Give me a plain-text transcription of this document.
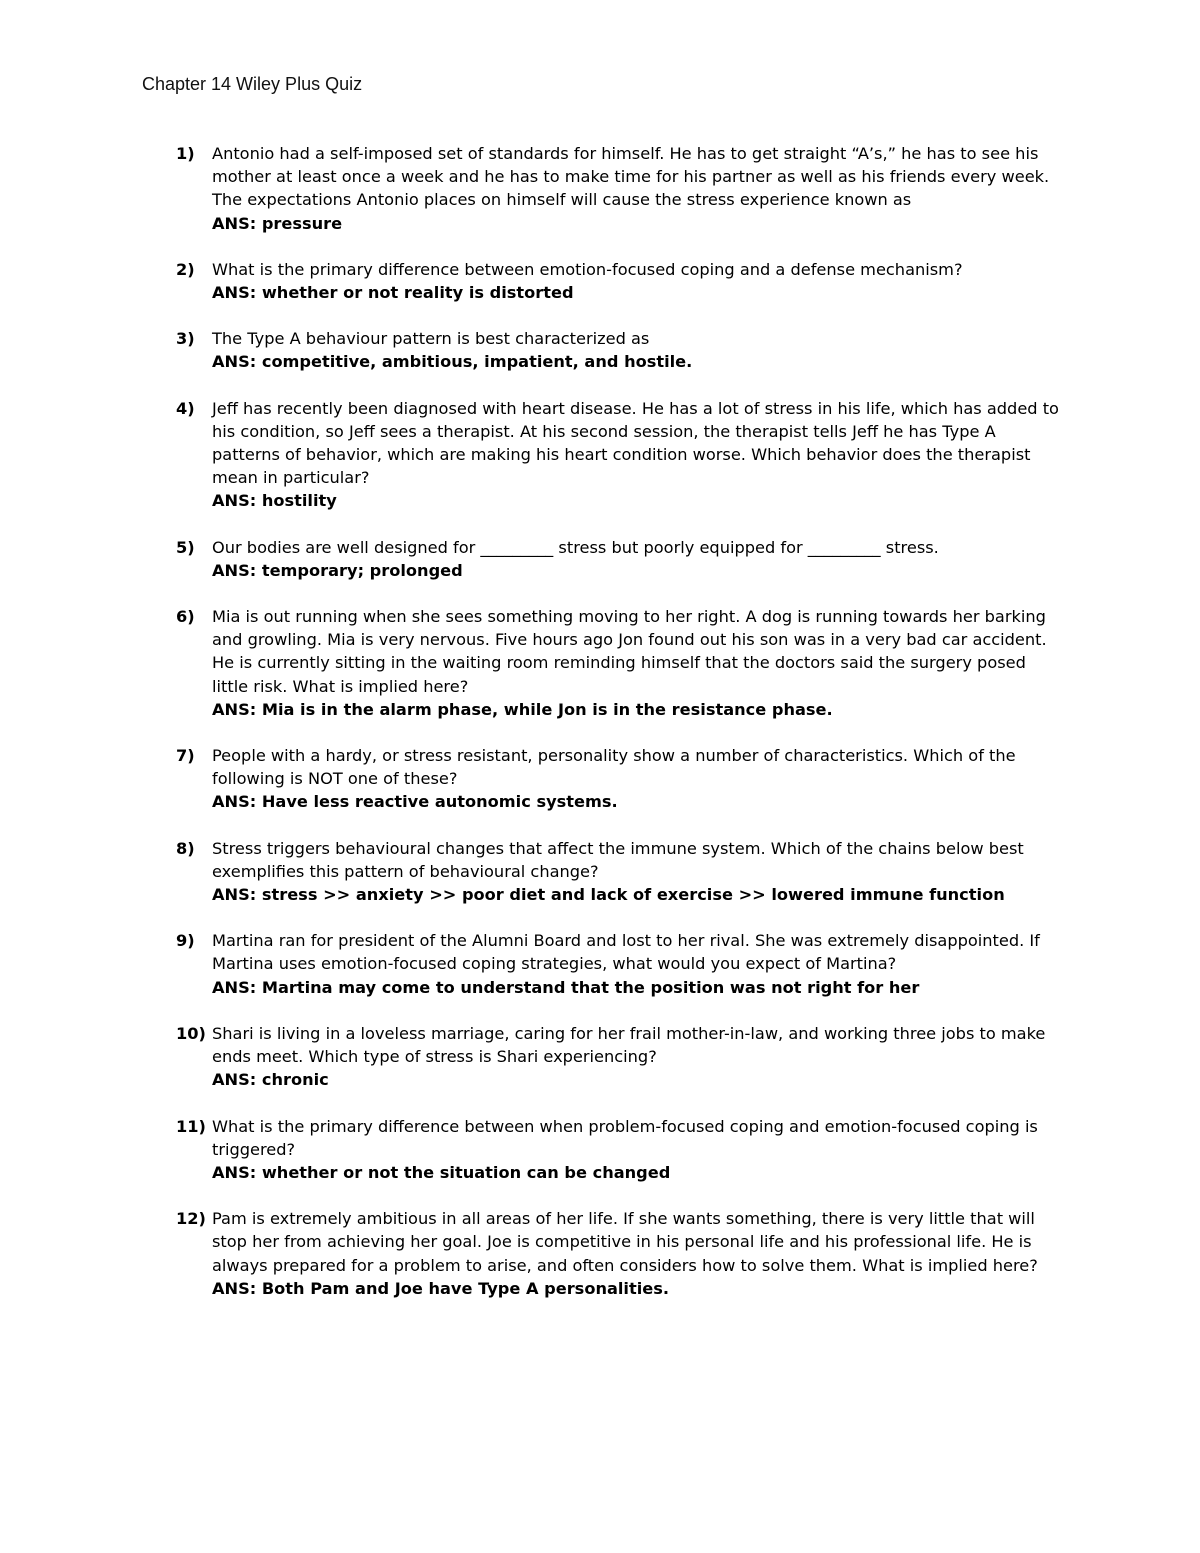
Chapter 14 Wiley Plus Quiz
1) Antonio had a self-imposed set of standards for himself. He has to get straight “A’s,” he has to see his mother at least once a week and he has to make time for his partner as well as his friends every week. The expectations Antonio places on himself will cause the stress experience known as
ANS: pressure
2) What is the primary difference between emotion-focused coping and a defense mechanism?
ANS: whether or not reality is distorted
3) The Type A behaviour pattern is best characterized as
ANS: competitive, ambitious, impatient, and hostile.
4) Jeff has recently been diagnosed with heart disease. He has a lot of stress in his life, which has added to his condition, so Jeff sees a therapist. At his second session, the therapist tells Jeff he has Type A patterns of behavior, which are making his heart condition worse. Which behavior does the therapist mean in particular?
ANS: hostility
5) Our bodies are well designed for _________ stress but poorly equipped for _________ stress.
ANS: temporary; prolonged
6) Mia is out running when she sees something moving to her right. A dog is running towards her barking and growling. Mia is very nervous. Five hours ago Jon found out his son was in a very bad car accident. He is currently sitting in the waiting room reminding himself that the doctors said the surgery posed little risk. What is implied here?
ANS: Mia is in the alarm phase, while Jon is in the resistance phase.
7) People with a hardy, or stress resistant, personality show a number of characteristics. Which of the following is NOT one of these?
ANS: Have less reactive autonomic systems.
8) Stress triggers behavioural changes that affect the immune system. Which of the chains below best exemplifies this pattern of behavioural change?
ANS: stress >> anxiety >> poor diet and lack of exercise >> lowered immune function
9) Martina ran for president of the Alumni Board and lost to her rival. She was extremely disappointed. If Martina uses emotion-focused coping strategies, what would you expect of Martina?
ANS: Martina may come to understand that the position was not right for her
10) Shari is living in a loveless marriage, caring for her frail mother-in-law, and working three jobs to make ends meet. Which type of stress is Shari experiencing?
ANS: chronic
11) What is the primary difference between when problem-focused coping and emotion-focused coping is triggered?
ANS: whether or not the situation can be changed
12) Pam is extremely ambitious in all areas of her life. If she wants something, there is very little that will stop her from achieving her goal. Joe is competitive in his personal life and his professional life. He is always prepared for a problem to arise, and often considers how to solve them. What is implied here?
ANS: Both Pam and Joe have Type A personalities.
